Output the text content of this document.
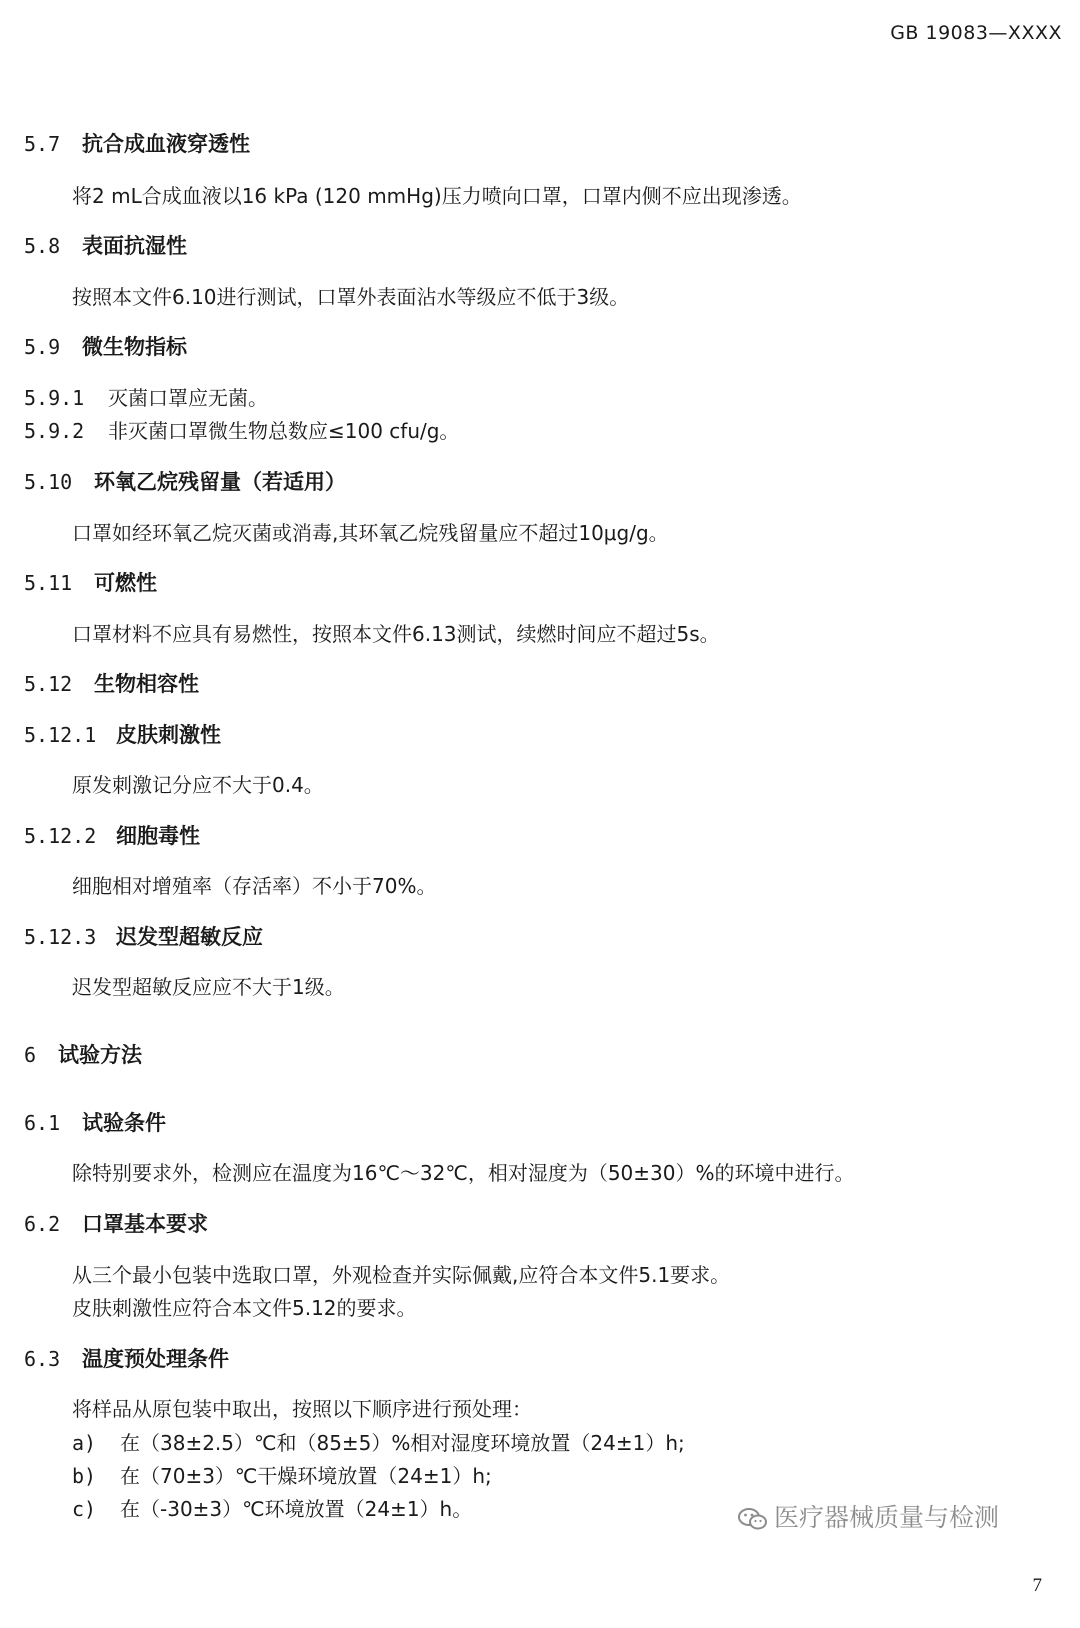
GB 19083—XXXX
5.7 抗合成血液穿透性
将2 mL合成血液以16 kPa (120 mmHg)压力喷向口罩，口罩内侧不应出现渗透。
5.8 表面抗湿性
按照本文件6.10进行测试，口罩外表面沾水等级应不低于3级。
5.9 微生物指标
5.9.1 灭菌口罩应无菌。
5.9.2 非灭菌口罩微生物总数应≤100 cfu/g。
5.10 环氧乙烷残留量（若适用）
口罩如经环氧乙烷灭菌或消毒,其环氧乙烷残留量应不超过10μg/g。
5.11 可燃性
口罩材料不应具有易燃性，按照本文件6.13测试，续燃时间应不超过5s。
5.12 生物相容性
5.12.1 皮肤刺激性
原发刺激记分应不大于0.4。
5.12.2 细胞毒性
细胞相对增殖率（存活率）不小于70%。
5.12.3 迟发型超敏反应
迟发型超敏反应应不大于1级。
6 试验方法
6.1 试验条件
除特别要求外，检测应在温度为16℃～32℃，相对湿度为（50±30）%的环境中进行。
6.2 口罩基本要求
从三个最小包装中选取口罩，外观检查并实际佩戴,应符合本文件5.1要求。
皮肤刺激性应符合本文件5.12的要求。
6.3 温度预处理条件
将样品从原包装中取出，按照以下顺序进行预处理：
a) 在（38±2.5）℃和（85±5）%相对湿度环境放置（24±1）h;
b) 在（70±3）℃干燥环境放置（24±1）h;
c) 在（-30±3）℃环境放置（24±1）h。	医疗器械质量与检测
7
